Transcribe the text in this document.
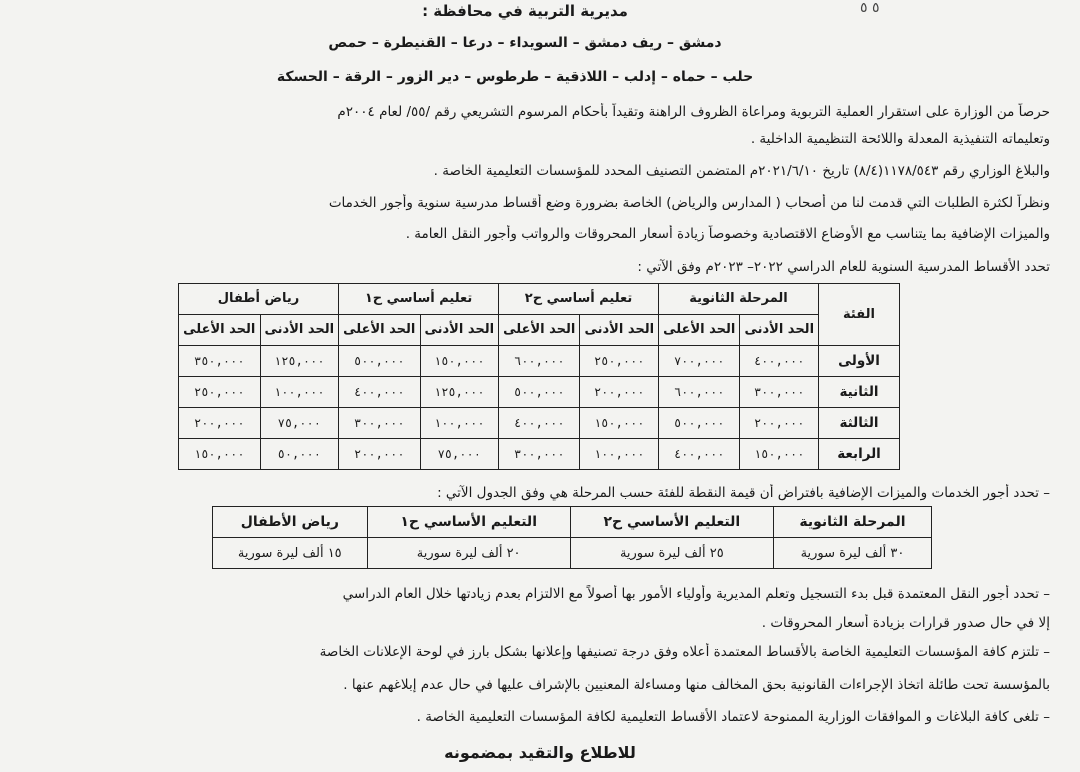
٥ ٥
مديرية التربية في محافظة :
دمشق – ريف دمشق – السويداء – درعا – القنيطرة – حمص
حلب – حماه – إدلب – اللاذقية – طرطوس – دير الزور – الرقة – الحسكة
حرصاً من الوزارة على استقرار العملية التربوية ومراعاة الظروف الراهنة وتقيداً بأحكام المرسوم التشريعي رقم /٥٥/ لعام ٢٠٠٤م
وتعليماته التنفيذية المعدلة واللائحة التنظيمية الداخلية .
والبلاغ الوزاري رقم ١١٧٨/٥٤٣(٨/٤) تاريخ ٢٠٢١/٦/١٠م المتضمن التصنيف المحدد للمؤسسات التعليمية الخاصة .
ونظراً لكثرة الطلبات التي قدمت لنا من أصحاب ( المدارس والرياض) الخاصة بضرورة وضع أقساط مدرسية سنوية وأجور الخدمات
والميزات الإضافية بما يتناسب مع الأوضاع الاقتصادية وخصوصاً زيادة أسعار المحروقات والرواتب وأجور النقل العامة .
تحدد الأقساط المدرسية السنوية للعام الدراسي ٢٠٢٢– ٢٠٢٣م وفق الآتي :
الفئة	المرحلة الثانوية		تعليم أساسي ح٢		تعليم أساسي ح١		رياض أطفال	
	الحد الأدنى	الحد الأعلى	الحد الأدنى	الحد الأعلى	الحد الأدنى	الحد الأعلى	الحد الأدنى	الحد الأعلى
الأولى	٤٠٠,٠٠٠	٧٠٠,٠٠٠	٢٥٠,٠٠٠	٦٠٠,٠٠٠	١٥٠,٠٠٠	٥٠٠,٠٠٠	١٢٥,٠٠٠	٣٥٠,٠٠٠
الثانية	٣٠٠,٠٠٠	٦٠٠,٠٠٠	٢٠٠,٠٠٠	٥٠٠,٠٠٠	١٢٥,٠٠٠	٤٠٠,٠٠٠	١٠٠,٠٠٠	٢٥٠,٠٠٠
الثالثة	٢٠٠,٠٠٠	٥٠٠,٠٠٠	١٥٠,٠٠٠	٤٠٠,٠٠٠	١٠٠,٠٠٠	٣٠٠,٠٠٠	٧٥,٠٠٠	٢٠٠,٠٠٠
الرابعة	١٥٠,٠٠٠	٤٠٠,٠٠٠	١٠٠,٠٠٠	٣٠٠,٠٠٠	٧٥,٠٠٠	٢٠٠,٠٠٠	٥٠,٠٠٠	١٥٠,٠٠٠
– تحدد أجور الخدمات والميزات الإضافية بافتراض أن قيمة النقطة للفئة حسب المرحلة هي وفق الجدول الآتي :
المرحلة الثانوية	التعليم الأساسي ح٢	التعليم الأساسي ح١	رياض الأطفال
٣٠ ألف ليرة سورية	٢٥ ألف ليرة سورية	٢٠ ألف ليرة سورية	١٥ ألف ليرة سورية
– تحدد أجور النقل المعتمدة قبل بدء التسجيل وتعلم المديرية وأولياء الأمور بها أصولاً مع الالتزام بعدم زيادتها خلال العام الدراسي
إلا في حال صدور قرارات بزيادة أسعار المحروقات .
– تلتزم كافة المؤسسات التعليمية الخاصة بالأقساط المعتمدة أعلاه وفق درجة تصنيفها وإعلانها بشكل بارز في لوحة الإعلانات الخاصة
بالمؤسسة تحت طائلة اتخاذ الإجراءات القانونية بحق المخالف منها ومساءلة المعنيين بالإشراف عليها في حال عدم إبلاغهم عنها .
– تلغى كافة البلاغات و الموافقات الوزارية الممنوحة لاعتماد الأقساط التعليمية لكافة المؤسسات التعليمية الخاصة .
للاطلاع والتقيد بمضمونه
